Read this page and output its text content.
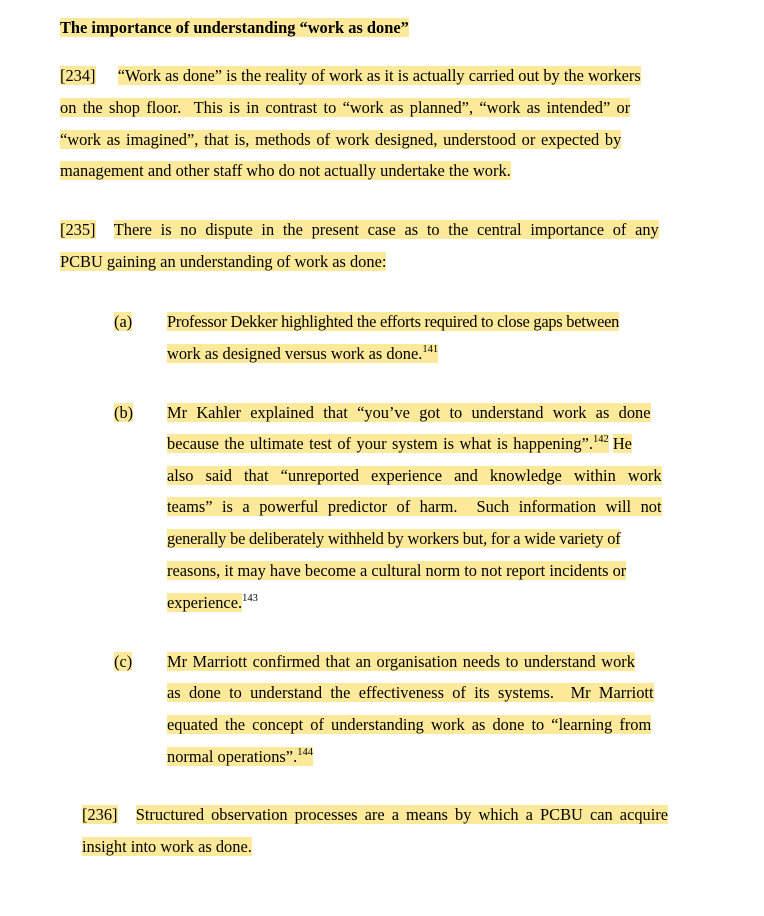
The importance of understanding “work as done”
[234] “Work as done” is the reality of work as it is actually carried out by the workers
on the shop floor.  This is in contrast to “work as planned”, “work as intended” or
“work as imagined”, that is, methods of work designed, understood or expected by
management and other staff who do not actually undertake the work.
[235] There is no dispute in the present case as to the central importance of any
PCBU gaining an understanding of work as done:
(a) Professor Dekker highlighted the efforts required to close gaps between
work as designed versus work as done.$^{141}$
(b) Mr Kahler explained that “you’ve got to understand work as done
because the ultimate test of your system is what is happening”.$^{142}$ He
also said that “unreported experience and knowledge within work
teams” is a powerful predictor of harm.  Such information will not
generally be deliberately withheld by workers but, for a wide variety of
reasons, it may have become a cultural norm to not report incidents or
experience.$^{143}$
(c) Mr Marriott confirmed that an organisation needs to understand work
as done to understand the effectiveness of its systems.  Mr Marriott
equated the concept of understanding work as done to “learning from
normal operations”.$^{144}$
[236] Structured observation processes are a means by which a PCBU can acquire
insight into work as done.
